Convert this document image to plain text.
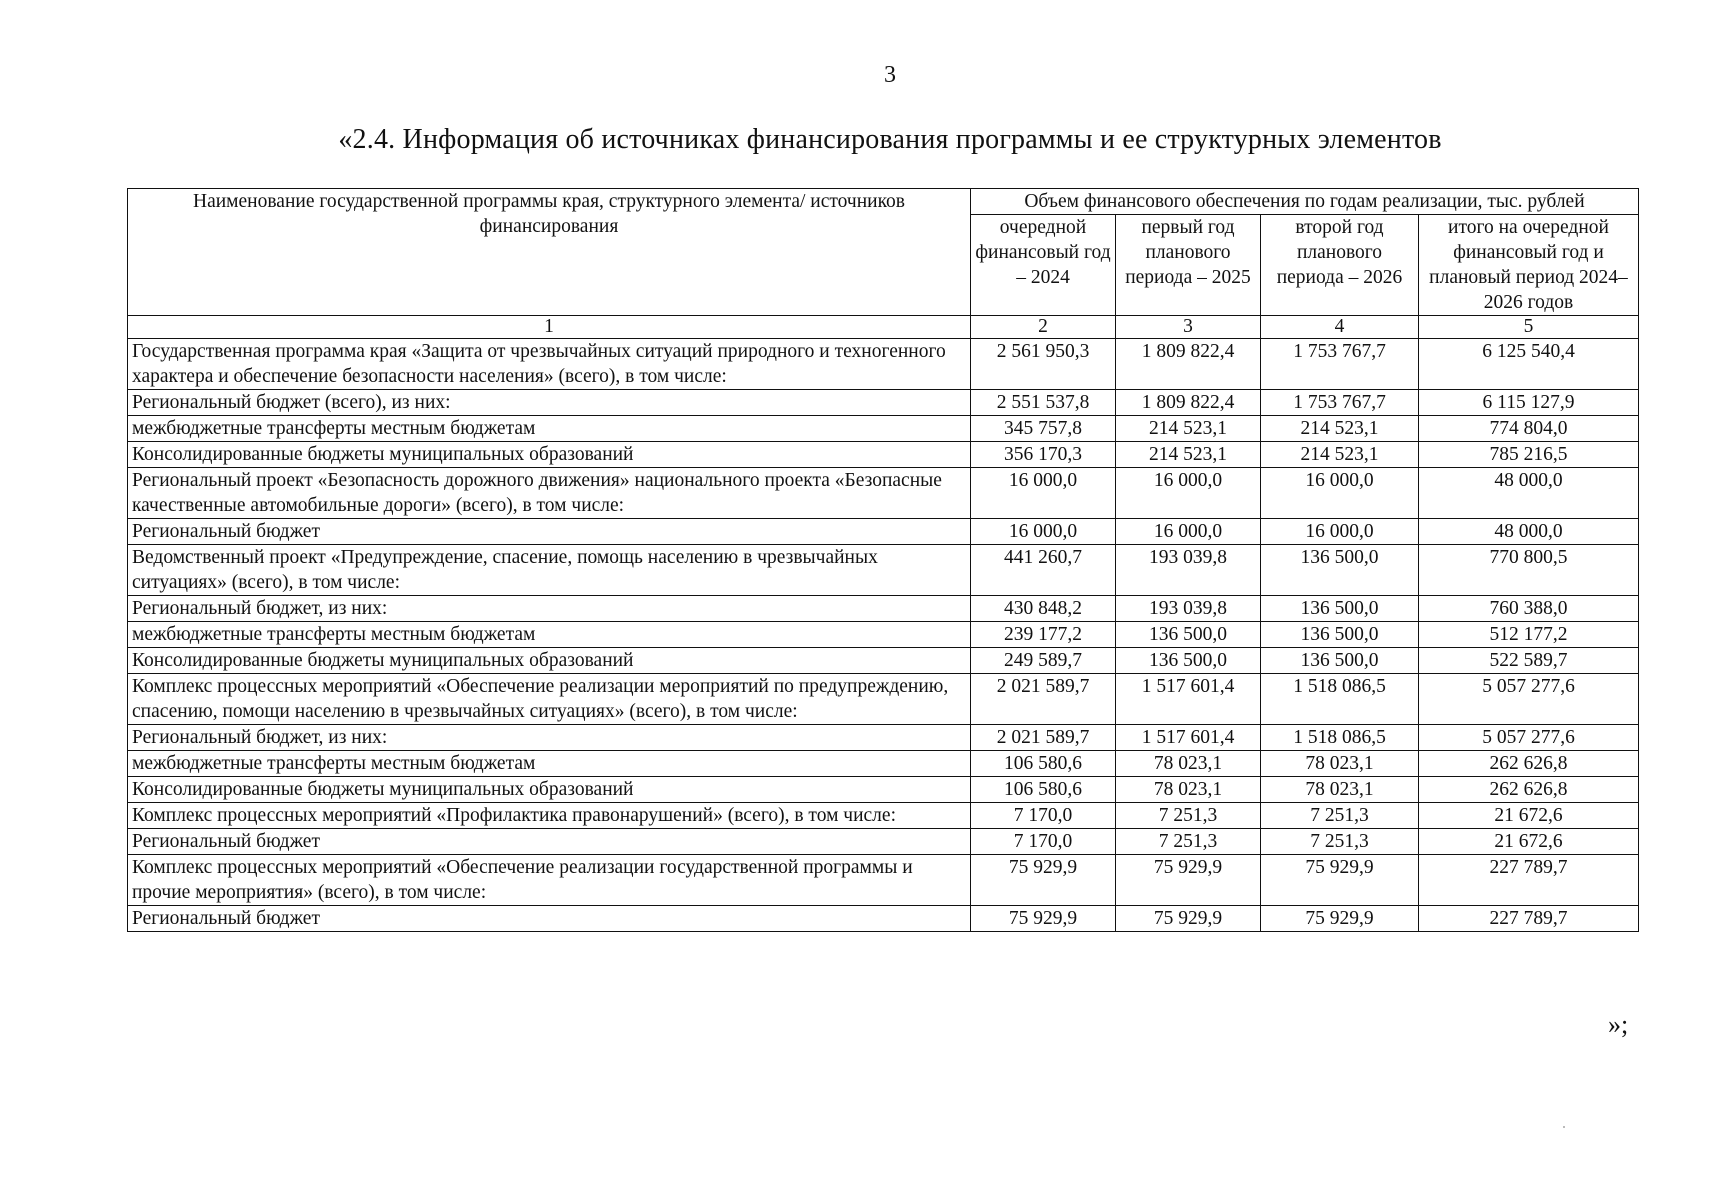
3
«2.4. Информация об источниках финансирования программы и ее структурных элементов
Наименование государственной программы края, структурного элемента/ источников финансирования	Объем финансового обеспечения по годам реализации, тыс. рублей			
	очередной финансовый год – 2024	первый год планового периода – 2025	второй год планового периода – 2026	итого на очередной финансовый год и плановый период 2024–2026 годов
1	2	3	4	5
Государственная программа края «Защита от чрезвычайных ситуаций природного и техногенного характера и обеспечение безопасности населения» (всего), в том числе:	2 561 950,3	1 809 822,4	1 753 767,7	6 125 540,4
Региональный бюджет (всего), из них:	2 551 537,8	1 809 822,4	1 753 767,7	6 115 127,9
межбюджетные трансферты местным бюджетам	345 757,8	214 523,1	214 523,1	774 804,0
Консолидированные бюджеты муниципальных образований	356 170,3	214 523,1	214 523,1	785 216,5
Региональный проект «Безопасность дорожного движения» национального проекта «Безопасные качественные автомобильные дороги» (всего), в том числе:	16 000,0	16 000,0	16 000,0	48 000,0
Региональный бюджет	16 000,0	16 000,0	16 000,0	48 000,0
Ведомственный проект «Предупреждение, спасение, помощь населению в чрезвычайных ситуациях» (всего), в том числе:	441 260,7	193 039,8	136 500,0	770 800,5
Региональный бюджет, из них:	430 848,2	193 039,8	136 500,0	760 388,0
межбюджетные трансферты местным бюджетам	239 177,2	136 500,0	136 500,0	512 177,2
Консолидированные бюджеты муниципальных образований	249 589,7	136 500,0	136 500,0	522 589,7
Комплекс процессных мероприятий «Обеспечение реализации мероприятий по предупреждению, спасению, помощи населению в чрезвычайных ситуациях» (всего), в том числе:	2 021 589,7	1 517 601,4	1 518 086,5	5 057 277,6
Региональный бюджет, из них:	2 021 589,7	1 517 601,4	1 518 086,5	5 057 277,6
межбюджетные трансферты местным бюджетам	106 580,6	78 023,1	78 023,1	262 626,8
Консолидированные бюджеты муниципальных образований	106 580,6	78 023,1	78 023,1	262 626,8
Комплекс процессных мероприятий «Профилактика правонарушений» (всего), в том числе:	7 170,0	7 251,3	7 251,3	21 672,6
Региональный бюджет	7 170,0	7 251,3	7 251,3	21 672,6
Комплекс процессных мероприятий «Обеспечение реализации государственной программы и прочие мероприятия» (всего), в том числе:	75 929,9	75 929,9	75 929,9	227 789,7
Региональный бюджет	75 929,9	75 929,9	75 929,9	227 789,7
»;
